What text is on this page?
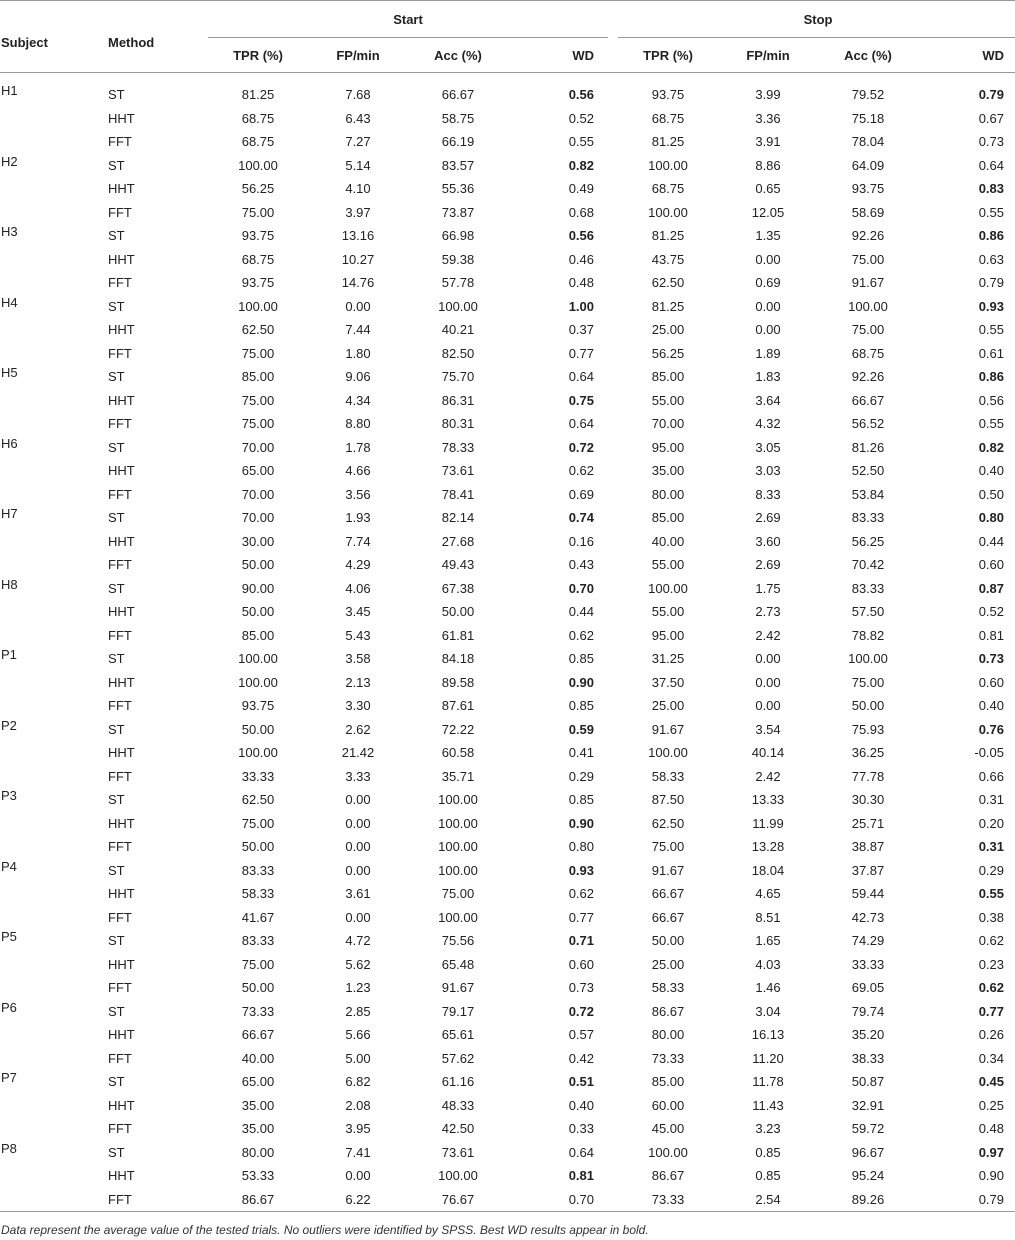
Subject	Method	Start					Stop			
		TPR (%)	FP/min	Acc (%)	WD		TPR (%)	FP/min	Acc (%)	WD
H1	ST	81.25	7.68	66.67	0.56		93.75	3.99	79.52	0.79
	HHT	68.75	6.43	58.75	0.52		68.75	3.36	75.18	0.67
	FFT	68.75	7.27	66.19	0.55		81.25	3.91	78.04	0.73
H2	ST	100.00	5.14	83.57	0.82		100.00	8.86	64.09	0.64
	HHT	56.25	4.10	55.36	0.49		68.75	0.65	93.75	0.83
	FFT	75.00	3.97	73.87	0.68		100.00	12.05	58.69	0.55
H3	ST	93.75	13.16	66.98	0.56		81.25	1.35	92.26	0.86
	HHT	68.75	10.27	59.38	0.46		43.75	0.00	75.00	0.63
	FFT	93.75	14.76	57.78	0.48		62.50	0.69	91.67	0.79
H4	ST	100.00	0.00	100.00	1.00		81.25	0.00	100.00	0.93
	HHT	62.50	7.44	40.21	0.37		25.00	0.00	75.00	0.55
	FFT	75.00	1.80	82.50	0.77		56.25	1.89	68.75	0.61
H5	ST	85.00	9.06	75.70	0.64		85.00	1.83	92.26	0.86
	HHT	75.00	4.34	86.31	0.75		55.00	3.64	66.67	0.56
	FFT	75.00	8.80	80.31	0.64		70.00	4.32	56.52	0.55
H6	ST	70.00	1.78	78.33	0.72		95.00	3.05	81.26	0.82
	HHT	65.00	4.66	73.61	0.62		35.00	3.03	52.50	0.40
	FFT	70.00	3.56	78.41	0.69		80.00	8.33	53.84	0.50
H7	ST	70.00	1.93	82.14	0.74		85.00	2.69	83.33	0.80
	HHT	30.00	7.74	27.68	0.16		40.00	3.60	56.25	0.44
	FFT	50.00	4.29	49.43	0.43		55.00	2.69	70.42	0.60
H8	ST	90.00	4.06	67.38	0.70		100.00	1.75	83.33	0.87
	HHT	50.00	3.45	50.00	0.44		55.00	2.73	57.50	0.52
	FFT	85.00	5.43	61.81	0.62		95.00	2.42	78.82	0.81
P1	ST	100.00	3.58	84.18	0.85		31.25	0.00	100.00	0.73
	HHT	100.00	2.13	89.58	0.90		37.50	0.00	75.00	0.60
	FFT	93.75	3.30	87.61	0.85		25.00	0.00	50.00	0.40
P2	ST	50.00	2.62	72.22	0.59		91.67	3.54	75.93	0.76
	HHT	100.00	21.42	60.58	0.41		100.00	40.14	36.25	-0.05
	FFT	33.33	3.33	35.71	0.29		58.33	2.42	77.78	0.66
P3	ST	62.50	0.00	100.00	0.85		87.50	13.33	30.30	0.31
	HHT	75.00	0.00	100.00	0.90		62.50	11.99	25.71	0.20
	FFT	50.00	0.00	100.00	0.80		75.00	13.28	38.87	0.31
P4	ST	83.33	0.00	100.00	0.93		91.67	18.04	37.87	0.29
	HHT	58.33	3.61	75.00	0.62		66.67	4.65	59.44	0.55
	FFT	41.67	0.00	100.00	0.77		66.67	8.51	42.73	0.38
P5	ST	83.33	4.72	75.56	0.71		50.00	1.65	74.29	0.62
	HHT	75.00	5.62	65.48	0.60		25.00	4.03	33.33	0.23
	FFT	50.00	1.23	91.67	0.73		58.33	1.46	69.05	0.62
P6	ST	73.33	2.85	79.17	0.72		86.67	3.04	79.74	0.77
	HHT	66.67	5.66	65.61	0.57		80.00	16.13	35.20	0.26
	FFT	40.00	5.00	57.62	0.42		73.33	11.20	38.33	0.34
P7	ST	65.00	6.82	61.16	0.51		85.00	11.78	50.87	0.45
	HHT	35.00	2.08	48.33	0.40		60.00	11.43	32.91	0.25
	FFT	35.00	3.95	42.50	0.33		45.00	3.23	59.72	0.48
P8	ST	80.00	7.41	73.61	0.64		100.00	0.85	96.67	0.97
	HHT	53.33	0.00	100.00	0.81		86.67	0.85	95.24	0.90
	FFT	86.67	6.22	76.67	0.70		73.33	2.54	89.26	0.79
Data represent the average value of the tested trials. No outliers were identified by SPSS. Best WD results appear in bold.										
